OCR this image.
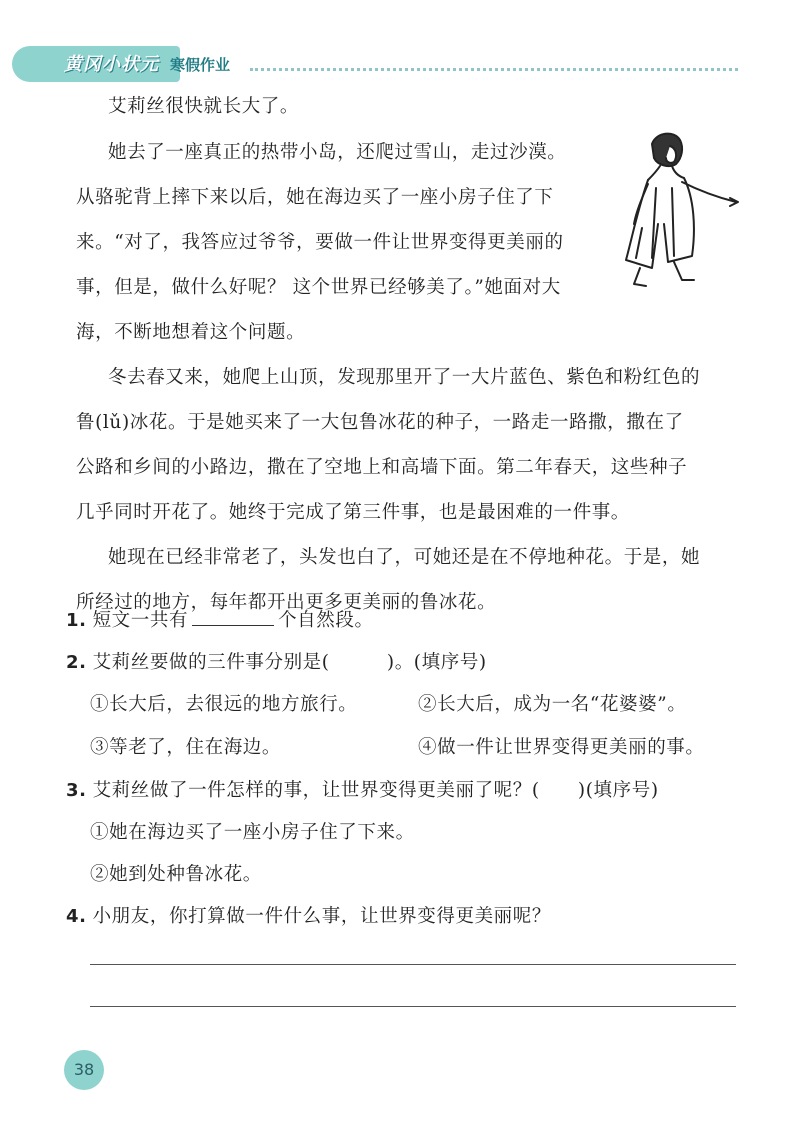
黄冈小状元 寒假作业
艾莉丝很快就长大了。
她去了一座真正的热带小岛，还爬过雪山，走过沙漠。
从骆驼背上摔下来以后，她在海边买了一座小房子住了下
来。“对了，我答应过爷爷，要做一件让世界变得更美丽的
事，但是，做什么好呢？ 这个世界已经够美了。”她面对大
海，不断地想着这个问题。
冬去春又来，她爬上山顶，发现那里开了一大片蓝色、紫色和粉红色的
鲁(lǔ)冰花。于是她买来了一大包鲁冰花的种子，一路走一路撒，撒在了
公路和乡间的小路边，撒在了空地上和高墙下面。第二年春天，这些种子
几乎同时开花了。她终于完成了第三件事，也是最困难的一件事。
她现在已经非常老了，头发也白了，可她还是在不停地种花。于是，她
所经过的地方，每年都开出更多更美丽的鲁冰花。
1. 短文一共有	个自然段。
2. 艾莉丝要做的三件事分别是(　　　)。(填序号)
①长大后，去很远的地方旅行。	②长大后，成为一名“花婆婆”。
③等老了，住在海边。	④做一件让世界变得更美丽的事。
3. 艾莉丝做了一件怎样的事，让世界变得更美丽了呢？(　　)(填序号)
①她在海边买了一座小房子住了下来。
②她到处种鲁冰花。
4. 小朋友，你打算做一件什么事，让世界变得更美丽呢？
38
